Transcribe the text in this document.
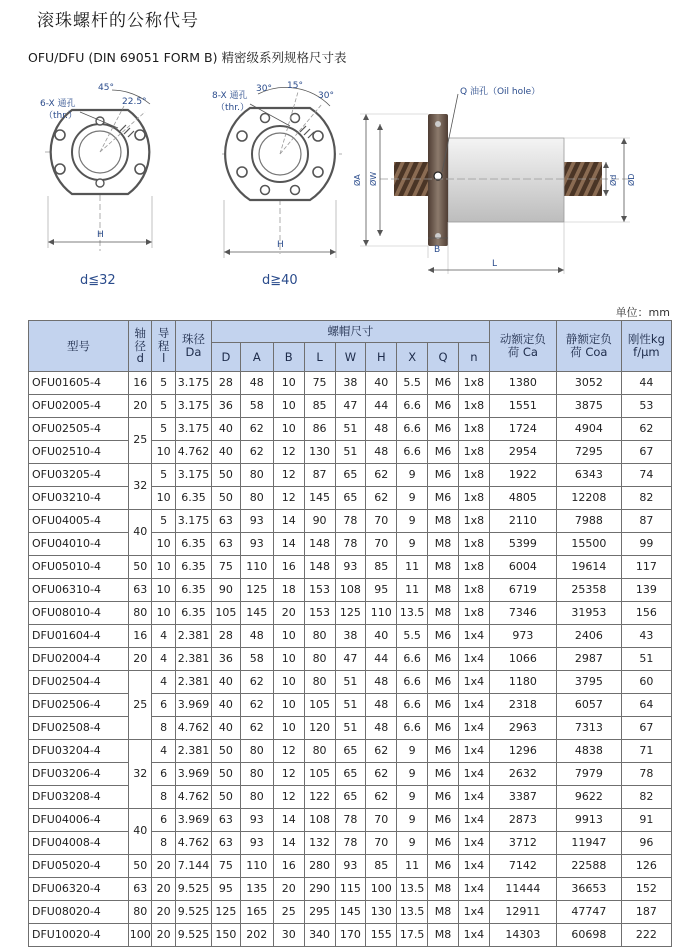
滚珠螺杆的公称代号
OFU/DFU (DIN 69051 FORM B) 精密级系列规格尺寸表
45°
22.5°
6-X 通孔
（thr.）
H
d≦32
30° 15°
30°
8-X 通孔
（thr.）
H
d≧40
Q 油孔（Oil hole）
ØA ØW	Ød ØD
B
L
单位：mm
型号	轴径d	导程l	珠径Da	螺帽尺寸									动额定负荷 Ca	静额定负荷 Coa	刚性kgf/μm
				D	A	B	L	W	H	X	Q	n			
OFU01605-4	16	5	3.175	28	48	10	75	38	40	5.5	M6	1x8	1380	3052	44
OFU02005-4	20	5	3.175	36	58	10	85	47	44	6.6	M6	1x8	1551	3875	53
OFU02505-4	25	5	3.175	40	62	10	86	51	48	6.6	M6	1x8	1724	4904	62
OFU02510-4		10	4.762	40	62	12	130	51	48	6.6	M6	1x8	2954	7295	67
OFU03205-4	32	5	3.175	50	80	12	87	65	62	9	M6	1x8	1922	6343	74
OFU03210-4		10	6.35	50	80	12	145	65	62	9	M6	1x8	4805	12208	82
OFU04005-4	40	5	3.175	63	93	14	90	78	70	9	M8	1x8	2110	7988	87
OFU04010-4		10	6.35	63	93	14	148	78	70	9	M8	1x8	5399	15500	99
OFU05010-4	50	10	6.35	75	110	16	148	93	85	11	M8	1x8	6004	19614	117
OFU06310-4	63	10	6.35	90	125	18	153	108	95	11	M8	1x8	6719	25358	139
OFU08010-4	80	10	6.35	105	145	20	153	125	110	13.5	M8	1x8	7346	31953	156
DFU01604-4	16	4	2.381	28	48	10	80	38	40	5.5	M6	1x4	973	2406	43
DFU02004-4	20	4	2.381	36	58	10	80	47	44	6.6	M6	1x4	1066	2987	51
DFU02504-4	25	4	2.381	40	62	10	80	51	48	6.6	M6	1x4	1180	3795	60
DFU02506-4		6	3.969	40	62	10	105	51	48	6.6	M6	1x4	2318	6057	64
DFU02508-4		8	4.762	40	62	10	120	51	48	6.6	M6	1x4	2963	7313	67
DFU03204-4	32	4	2.381	50	80	12	80	65	62	9	M6	1x4	1296	4838	71
DFU03206-4		6	3.969	50	80	12	105	65	62	9	M6	1x4	2632	7979	78
DFU03208-4		8	4.762	50	80	12	122	65	62	9	M6	1x4	3387	9622	82
DFU04006-4	40	6	3.969	63	93	14	108	78	70	9	M6	1x4	2873	9913	91
DFU04008-4		8	4.762	63	93	14	132	78	70	9	M6	1x4	3712	11947	96
DFU05020-4	50	20	7.144	75	110	16	280	93	85	11	M6	1x4	7142	22588	126
DFU06320-4	63	20	9.525	95	135	20	290	115	100	13.5	M8	1x4	11444	36653	152
DFU08020-4	80	20	9.525	125	165	25	295	145	130	13.5	M8	1x4	12911	47747	187
DFU10020-4	100	20	9.525	150	202	30	340	170	155	17.5	M8	1x4	14303	60698	222
